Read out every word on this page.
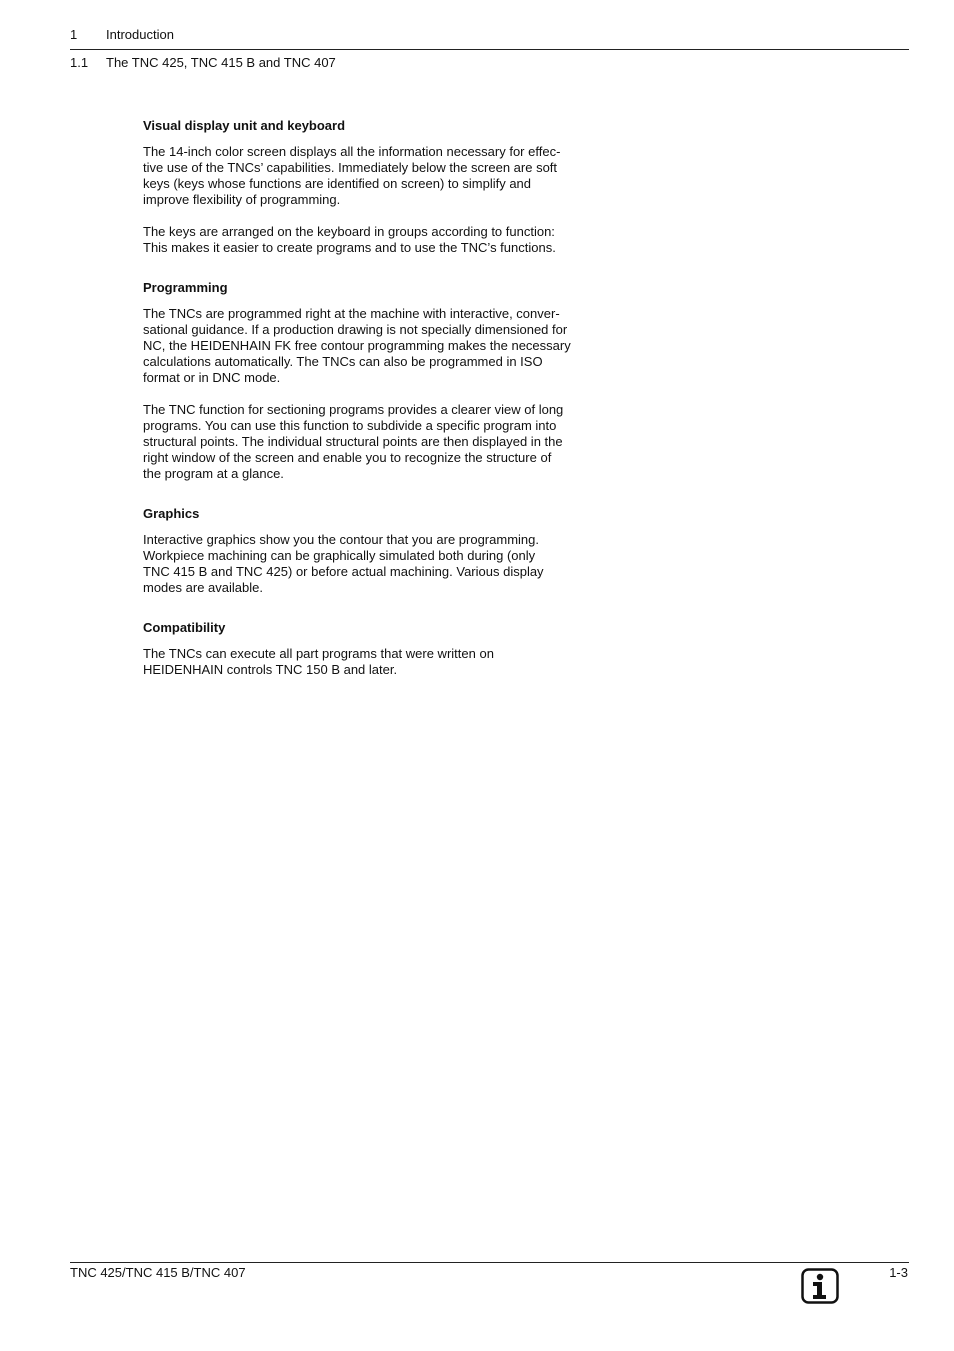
1 Introduction
1.1 The TNC 425, TNC 415 B and TNC 407

Visual display unit and keyboard

The 14-inch color screen displays all the information necessary for effec-
tive use of the TNCs’ capabilities. Immediately below the screen are soft
keys (keys whose functions are identified on screen) to simplify and
improve flexibility of programming.

The keys are arranged on the keyboard in groups according to function:
This makes it easier to create programs and to use the TNC’s functions.

Programming

The TNCs are programmed right at the machine with interactive, conver-
sational guidance. If a production drawing is not specially dimensioned for
NC, the HEIDENHAIN FK free contour programming makes the necessary
calculations automatically. The TNCs can also be programmed in ISO
format or in DNC mode.

The TNC function for sectioning programs provides a clearer view of long
programs. You can use this function to subdivide a specific program into
structural points. The individual structural points are then displayed in the
right window of the screen and enable you to recognize the structure of
the program at a glance.

Graphics

Interactive graphics show you the contour that you are programming.
Workpiece machining can be graphically simulated both during (only
TNC 415 B and TNC 425) or before actual machining. Various display
modes are available.

Compatibility

The TNCs can execute all part programs that were written on
HEIDENHAIN controls TNC 150 B and later.

TNC 425/TNC 415 B/TNC 407	1-3
